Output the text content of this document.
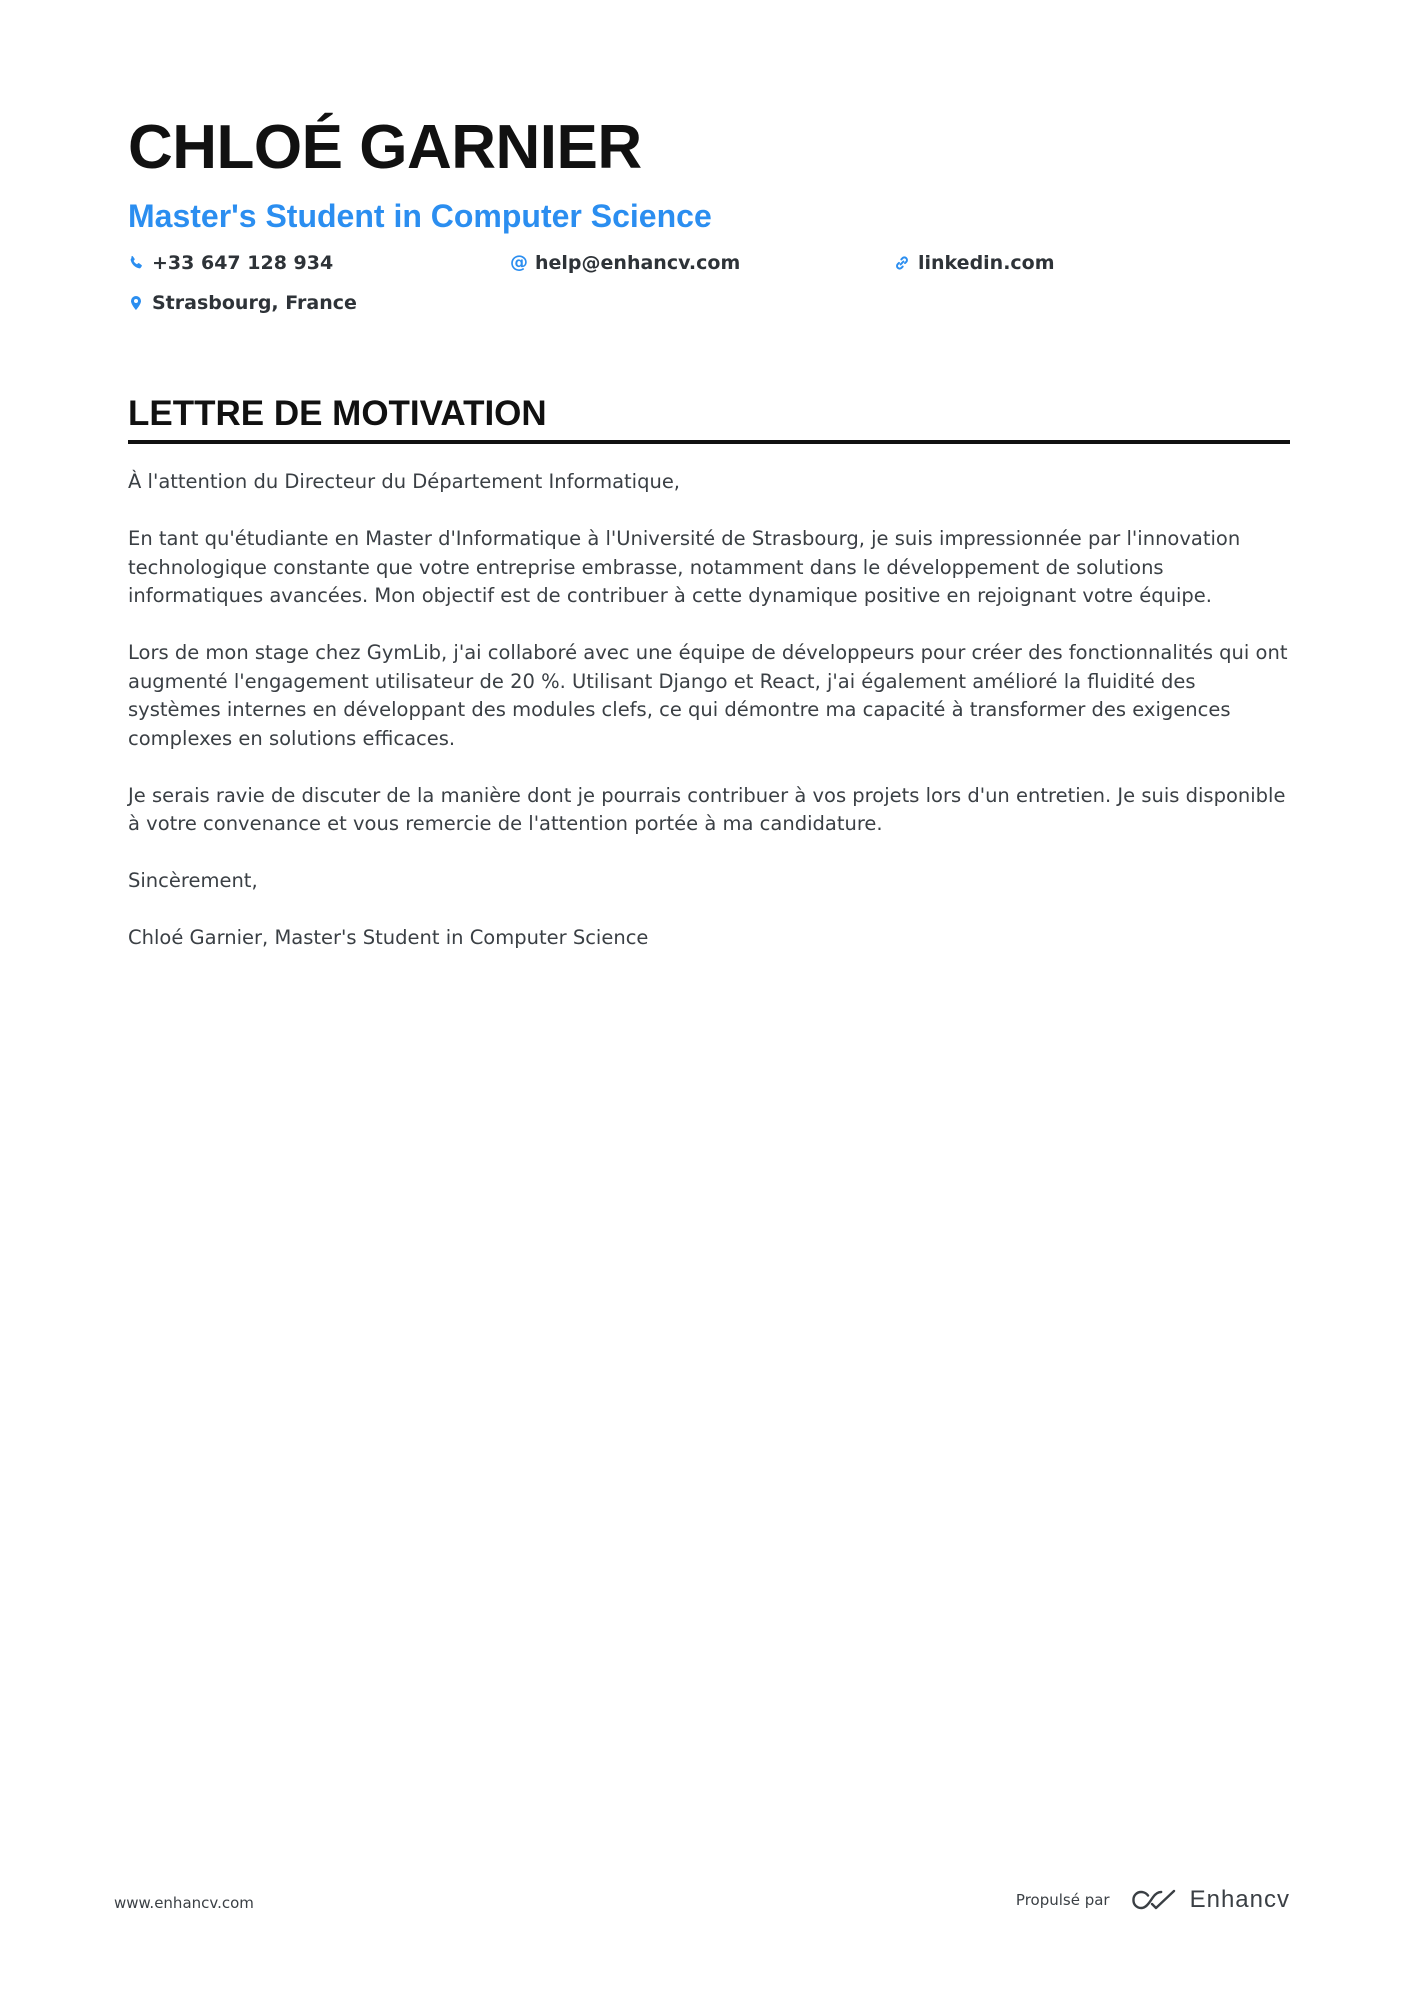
CHLOÉ GARNIER
Master's Student in Computer Science
+33 647 128 934	@ help@enhancv.com	linkedin.com
Strasbourg, France
LETTRE DE MOTIVATION

À l'attention du Directeur du Département Informatique,

En tant qu'étudiante en Master d'Informatique à l'Université de Strasbourg, je suis impressionnée par l'innovation technologique constante que votre entreprise embrasse, notamment dans le développement de solutions informatiques avancées. Mon objectif est de contribuer à cette dynamique positive en rejoignant votre équipe.

Lors de mon stage chez GymLib, j'ai collaboré avec une équipe de développeurs pour créer des fonctionnalités qui ont augmenté l'engagement utilisateur de 20 %. Utilisant Django et React, j'ai également amélioré la fluidité des systèmes internes en développant des modules clefs, ce qui démontre ma capacité à transformer des exigences complexes en solutions efficaces.

Je serais ravie de discuter de la manière dont je pourrais contribuer à vos projets lors d'un entretien. Je suis disponible à votre convenance et vous remercie de l'attention portée à ma candidature.

Sincèrement,

Chloé Garnier, Master's Student in Computer Science

www.enhancv.com	Propulsé par	Enhancv
